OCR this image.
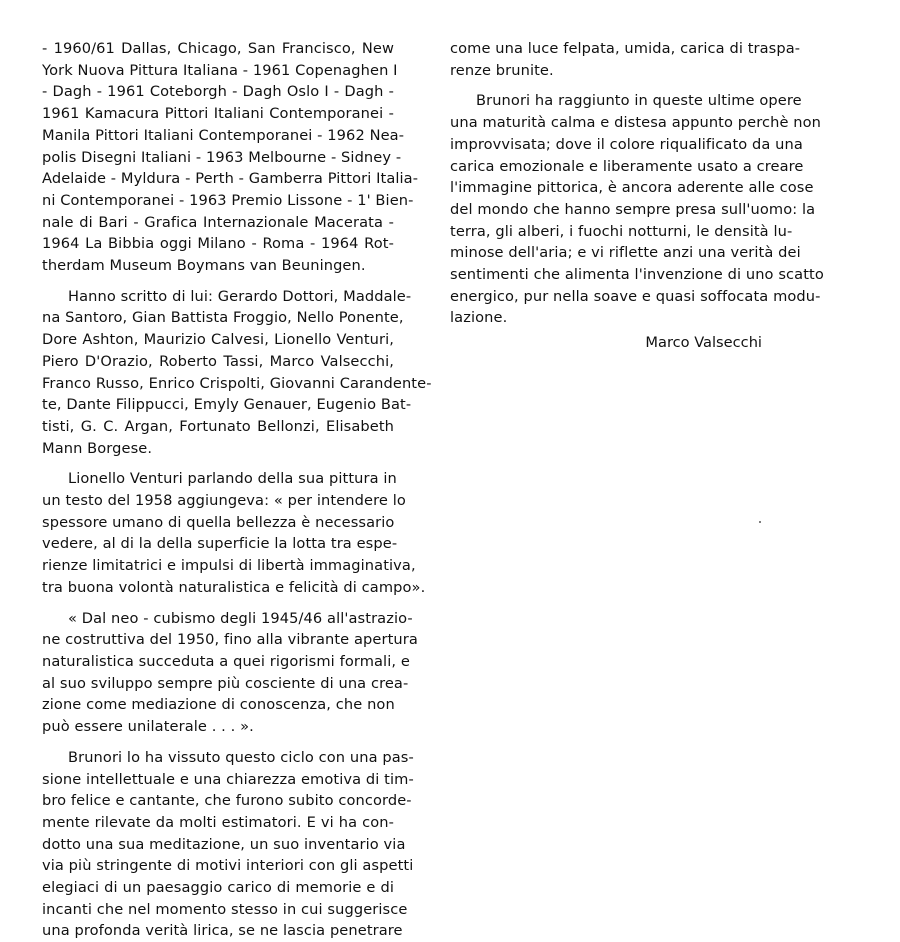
- 1960/61 Dallas, Chicago, San Francisco, New
York Nuova Pittura Italiana - 1961 Copenaghen I
- Dagh - 1961 Coteborgh - Dagh Oslo I - Dagh -
1961 Kamacura Pittori Italiani Contemporanei -
Manila Pittori Italiani Contemporanei - 1962 Nea-
polis Disegni Italiani - 1963 Melbourne - Sidney -
Adelaide - Myldura - Perth - Gamberra Pittori Italia-
ni Contemporanei - 1963 Premio Lissone - 1' Bien-
nale di Bari - Grafica Internazionale Macerata -
1964 La Bibbia oggi Milano - Roma - 1964 Rot-
therdam Museum Boymans van Beuningen.
Hanno scritto di lui: Gerardo Dottori, Maddale-
na Santoro, Gian Battista Froggio, Nello Ponente,
Dore Ashton, Maurizio Calvesi, Lionello Venturi,
Piero D'Orazio, Roberto Tassi, Marco Valsecchi,
Franco Russo, Enrico Crispolti, Giovanni Carandente-
te, Dante Filippucci, Emyly Genauer, Eugenio Bat-
tisti, G. C. Argan, Fortunato Bellonzi, Elisabeth
Mann Borgese.
Lionello Venturi parlando della sua pittura in
un testo del 1958 aggiungeva: « per intendere lo
spessore umano di quella bellezza è necessario
vedere, al di la della superficie la lotta tra espe-
rienze limitatrici e impulsi di libertà immaginativa,
tra buona volontà naturalistica e felicità di campo».
« Dal neo - cubismo degli 1945/46 all'astrazio-
ne costruttiva del 1950, fino alla vibrante apertura
naturalistica succeduta a quei rigorismi formali, e
al suo sviluppo sempre più cosciente di una crea-
zione come mediazione di conoscenza, che non
può essere unilaterale . . . ».
Brunori lo ha vissuto questo ciclo con una pas-
sione intellettuale e una chiarezza emotiva di tim-
bro felice e cantante, che furono subito concorde-
mente rilevate da molti estimatori. E vi ha con-
dotto una sua meditazione, un suo inventario via
via più stringente di motivi interiori con gli aspetti
elegiaci di un paesaggio carico di memorie e di
incanti che nel momento stesso in cui suggerisce
una profonda verità lirica, se ne lascia penetrare
come una luce felpata, umida, carica di traspa-
renze brunite.
Brunori ha raggiunto in queste ultime opere
una maturità calma e distesa appunto perchè non
improvvisata; dove il colore riqualificato da una
carica emozionale e liberamente usato a creare
l'immagine pittorica, è ancora aderente alle cose
del mondo che hanno sempre presa sull'uomo: la
terra, gli alberi, i fuochi notturni, le densità lu-
minose dell'aria; e vi riflette anzi una verità dei
sentimenti che alimenta l'invenzione di uno scatto
energico, pur nella soave e quasi soffocata modu-
lazione.
Marco Valsecchi
